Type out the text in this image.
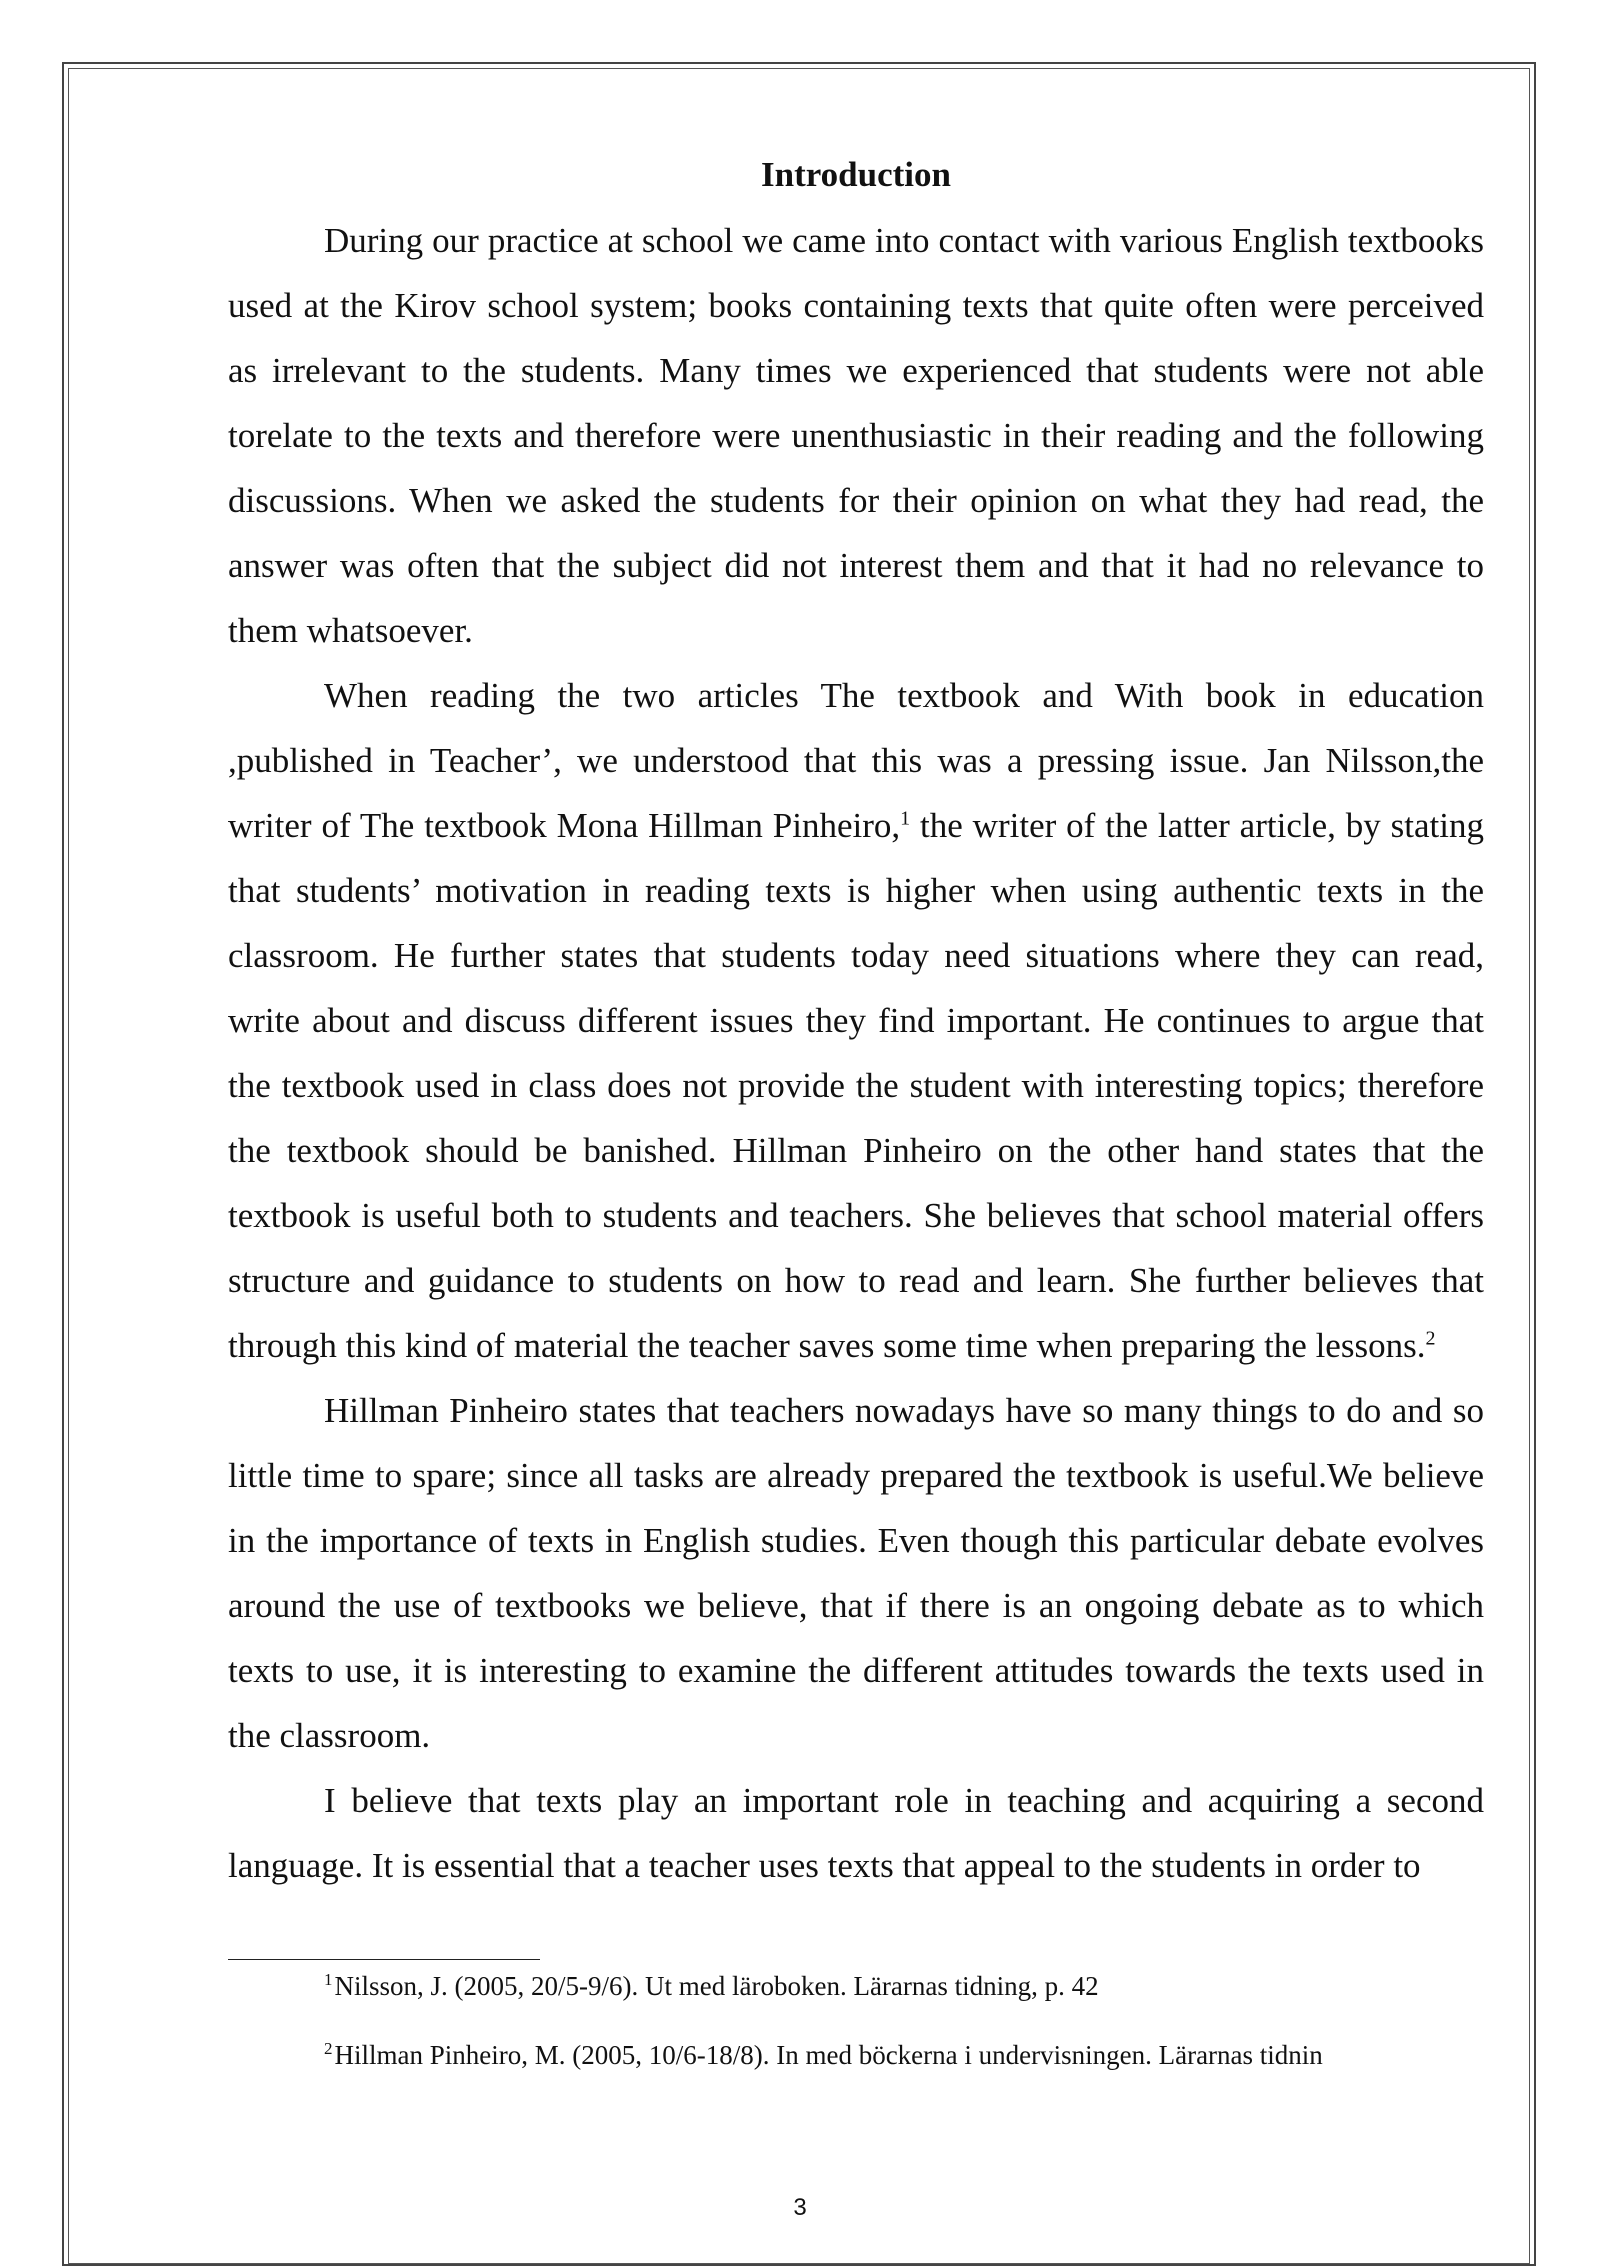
Introduction

During our practice at school we came into contact with various English textbooks used at the Kirov school system; books containing texts that quite often were perceived as irrelevant to the students. Many times we experienced that students were not able torelate to the texts and therefore were unenthusiastic in their reading and the following discussions. When we asked the students for their opinion on what they had read, the answer was often that the subject did not interest them and that it had no relevance to them whatsoever.

When reading the two articles The textbook and With book in education ,published in Teacher’, we understood that this was a pressing issue. Jan Nilsson,the writer of The textbook Mona Hillman Pinheiro,$^1$ the writer of the latter article, by stating that students’ motivation in reading texts is higher when using authentic texts in the classroom. He further states that students today need situations where they can read, write about and discuss different issues they find important. He continues to argue that the textbook used in class does not provide the student with interesting topics; therefore the textbook should be banished. Hillman Pinheiro on the other hand states that the textbook is useful both to students and teachers. She believes that school material offers structure and guidance to students on how to read and learn. She further believes that through this kind of material the teacher saves some time when preparing the lessons.$^2$

Hillman Pinheiro states that teachers nowadays have so many things to do and so little time to spare; since all tasks are already prepared the textbook is useful.We believe in the importance of texts in English studies. Even though this particular debate evolves around the use of textbooks we believe, that if there is an ongoing debate as to which texts to use, it is interesting to examine the different attitudes towards the texts used in the classroom.

I believe that texts play an important role in teaching and acquiring a second language. It is essential that a teacher uses texts that appeal to the students in order to

$^1$Nilsson, J. (2005, 20/5-9/6). Ut med läroboken. Lärarnas tidning, p. 42
$^2$Hillman Pinheiro, M. (2005, 10/6-18/8). In med böckerna i undervisningen. Lärarnas tidnin
3
